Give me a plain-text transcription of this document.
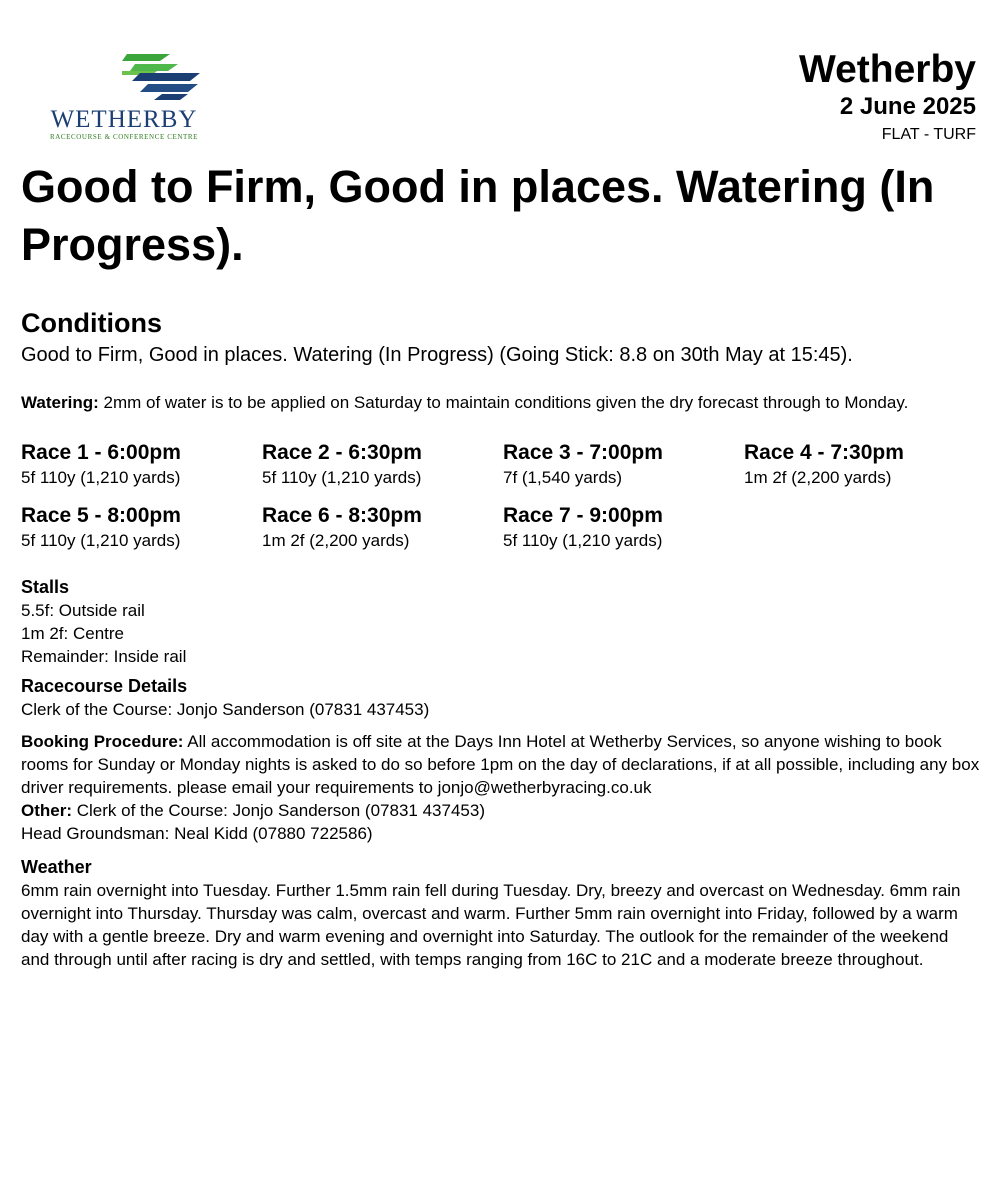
WETHERBY
RACECOURSE & CONFERENCE CENTRE
Wetherby
2 June 2025
FLAT - TURF
Good to Firm, Good in places. Watering (In Progress).
Conditions

Good to Firm, Good in places. Watering (In Progress) (Going Stick: 8.8 on 30th May at 15:45).

Watering: 2mm of water is to be applied on Saturday to maintain conditions given the dry forecast through to Monday.

Race 1 - 6:00pm
5f 110y (1,210 yards)
Race 2 - 6:30pm
5f 110y (1,210 yards)
Race 3 - 7:00pm
7f (1,540 yards)
Race 4 - 7:30pm
1m 2f (2,200 yards)
Race 5 - 8:00pm
5f 110y (1,210 yards)
Race 6 - 8:30pm
1m 2f (2,200 yards)
Race 7 - 9:00pm
5f 110y (1,210 yards)
Stalls

5.5f: Outside rail

1m 2f: Centre

Remainder: Inside rail

Racecourse Details

Clerk of the Course: Jonjo Sanderson (07831 437453)

Booking Procedure: All accommodation is off site at the Days Inn Hotel at Wetherby Services, so anyone wishing to book rooms for Sunday or Monday nights is asked to do so before 1pm on the day of declarations, if at all possible, including any box driver requirements. please email your requirements to jonjo@wetherbyracing.co.uk

Other: Clerk of the Course: Jonjo Sanderson (07831 437453)

Head Groundsman: Neal Kidd (07880 722586)

Weather

6mm rain overnight into Tuesday. Further 1.5mm rain fell during Tuesday. Dry, breezy and overcast on Wednesday. 6mm rain overnight into Thursday. Thursday was calm, overcast and warm. Further 5mm rain overnight into Friday, followed by a warm day with a gentle breeze. Dry and warm evening and overnight into Saturday. The outlook for the remainder of the weekend and through until after racing is dry and settled, with temps ranging from 16C to 21C and a moderate breeze throughout.
